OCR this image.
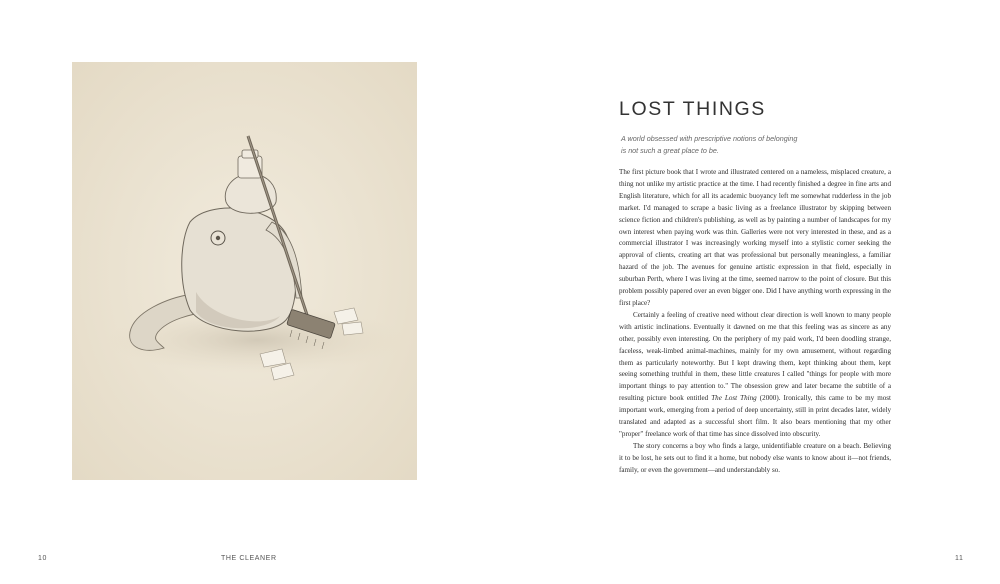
10	THE CLEANER
LOST THINGS
A world obsessed with prescriptive notions of belonging
is not such a great place to be.

The first picture book that I wrote and illustrated centered on a nameless, misplaced creature, a thing not unlike my artistic practice at the time. I had recently finished a degree in fine arts and English literature, which for all its academic buoyancy left me somewhat rudderless in the job market. I'd managed to scrape a basic living as a freelance illustrator by skipping between science fiction and children's publishing, as well as by painting a number of landscapes for my own interest when paying work was thin. Galleries were not very interested in these, and as a commercial illustrator I was increasingly working myself into a stylistic corner seeking the approval of clients, creating art that was professional but personally meaningless, a familiar hazard of the job. The avenues for genuine artistic expression in that field, especially in suburban Perth, where I was living at the time, seemed narrow to the point of closure. But this problem possibly papered over an even bigger one. Did I have anything worth expressing in the first place?

Certainly a feeling of creative need without clear direction is well known to many people with artistic inclinations. Eventually it dawned on me that this feeling was as sincere as any other, possibly even interesting. On the periphery of my paid work, I'd been doodling strange, faceless, weak-limbed animal-machines, mainly for my own amusement, without regarding them as particularly noteworthy. But I kept drawing them, kept thinking about them, kept seeing something truthful in them, these little creatures I called "things for people with more important things to pay attention to." The obsession grew and later became the subtitle of a resulting picture book entitled The Lost Thing (2000). Ironically, this came to be my most important work, emerging from a period of deep uncertainty, still in print decades later, widely translated and adapted as a successful short film. It also bears mentioning that my other "proper" freelance work of that time has since dissolved into obscurity.

The story concerns a boy who finds a large, unidentifiable creature on a beach. Believing it to be lost, he sets out to find it a home, but nobody else wants to know about it—not friends, family, or even the government—and understandably so.

11
